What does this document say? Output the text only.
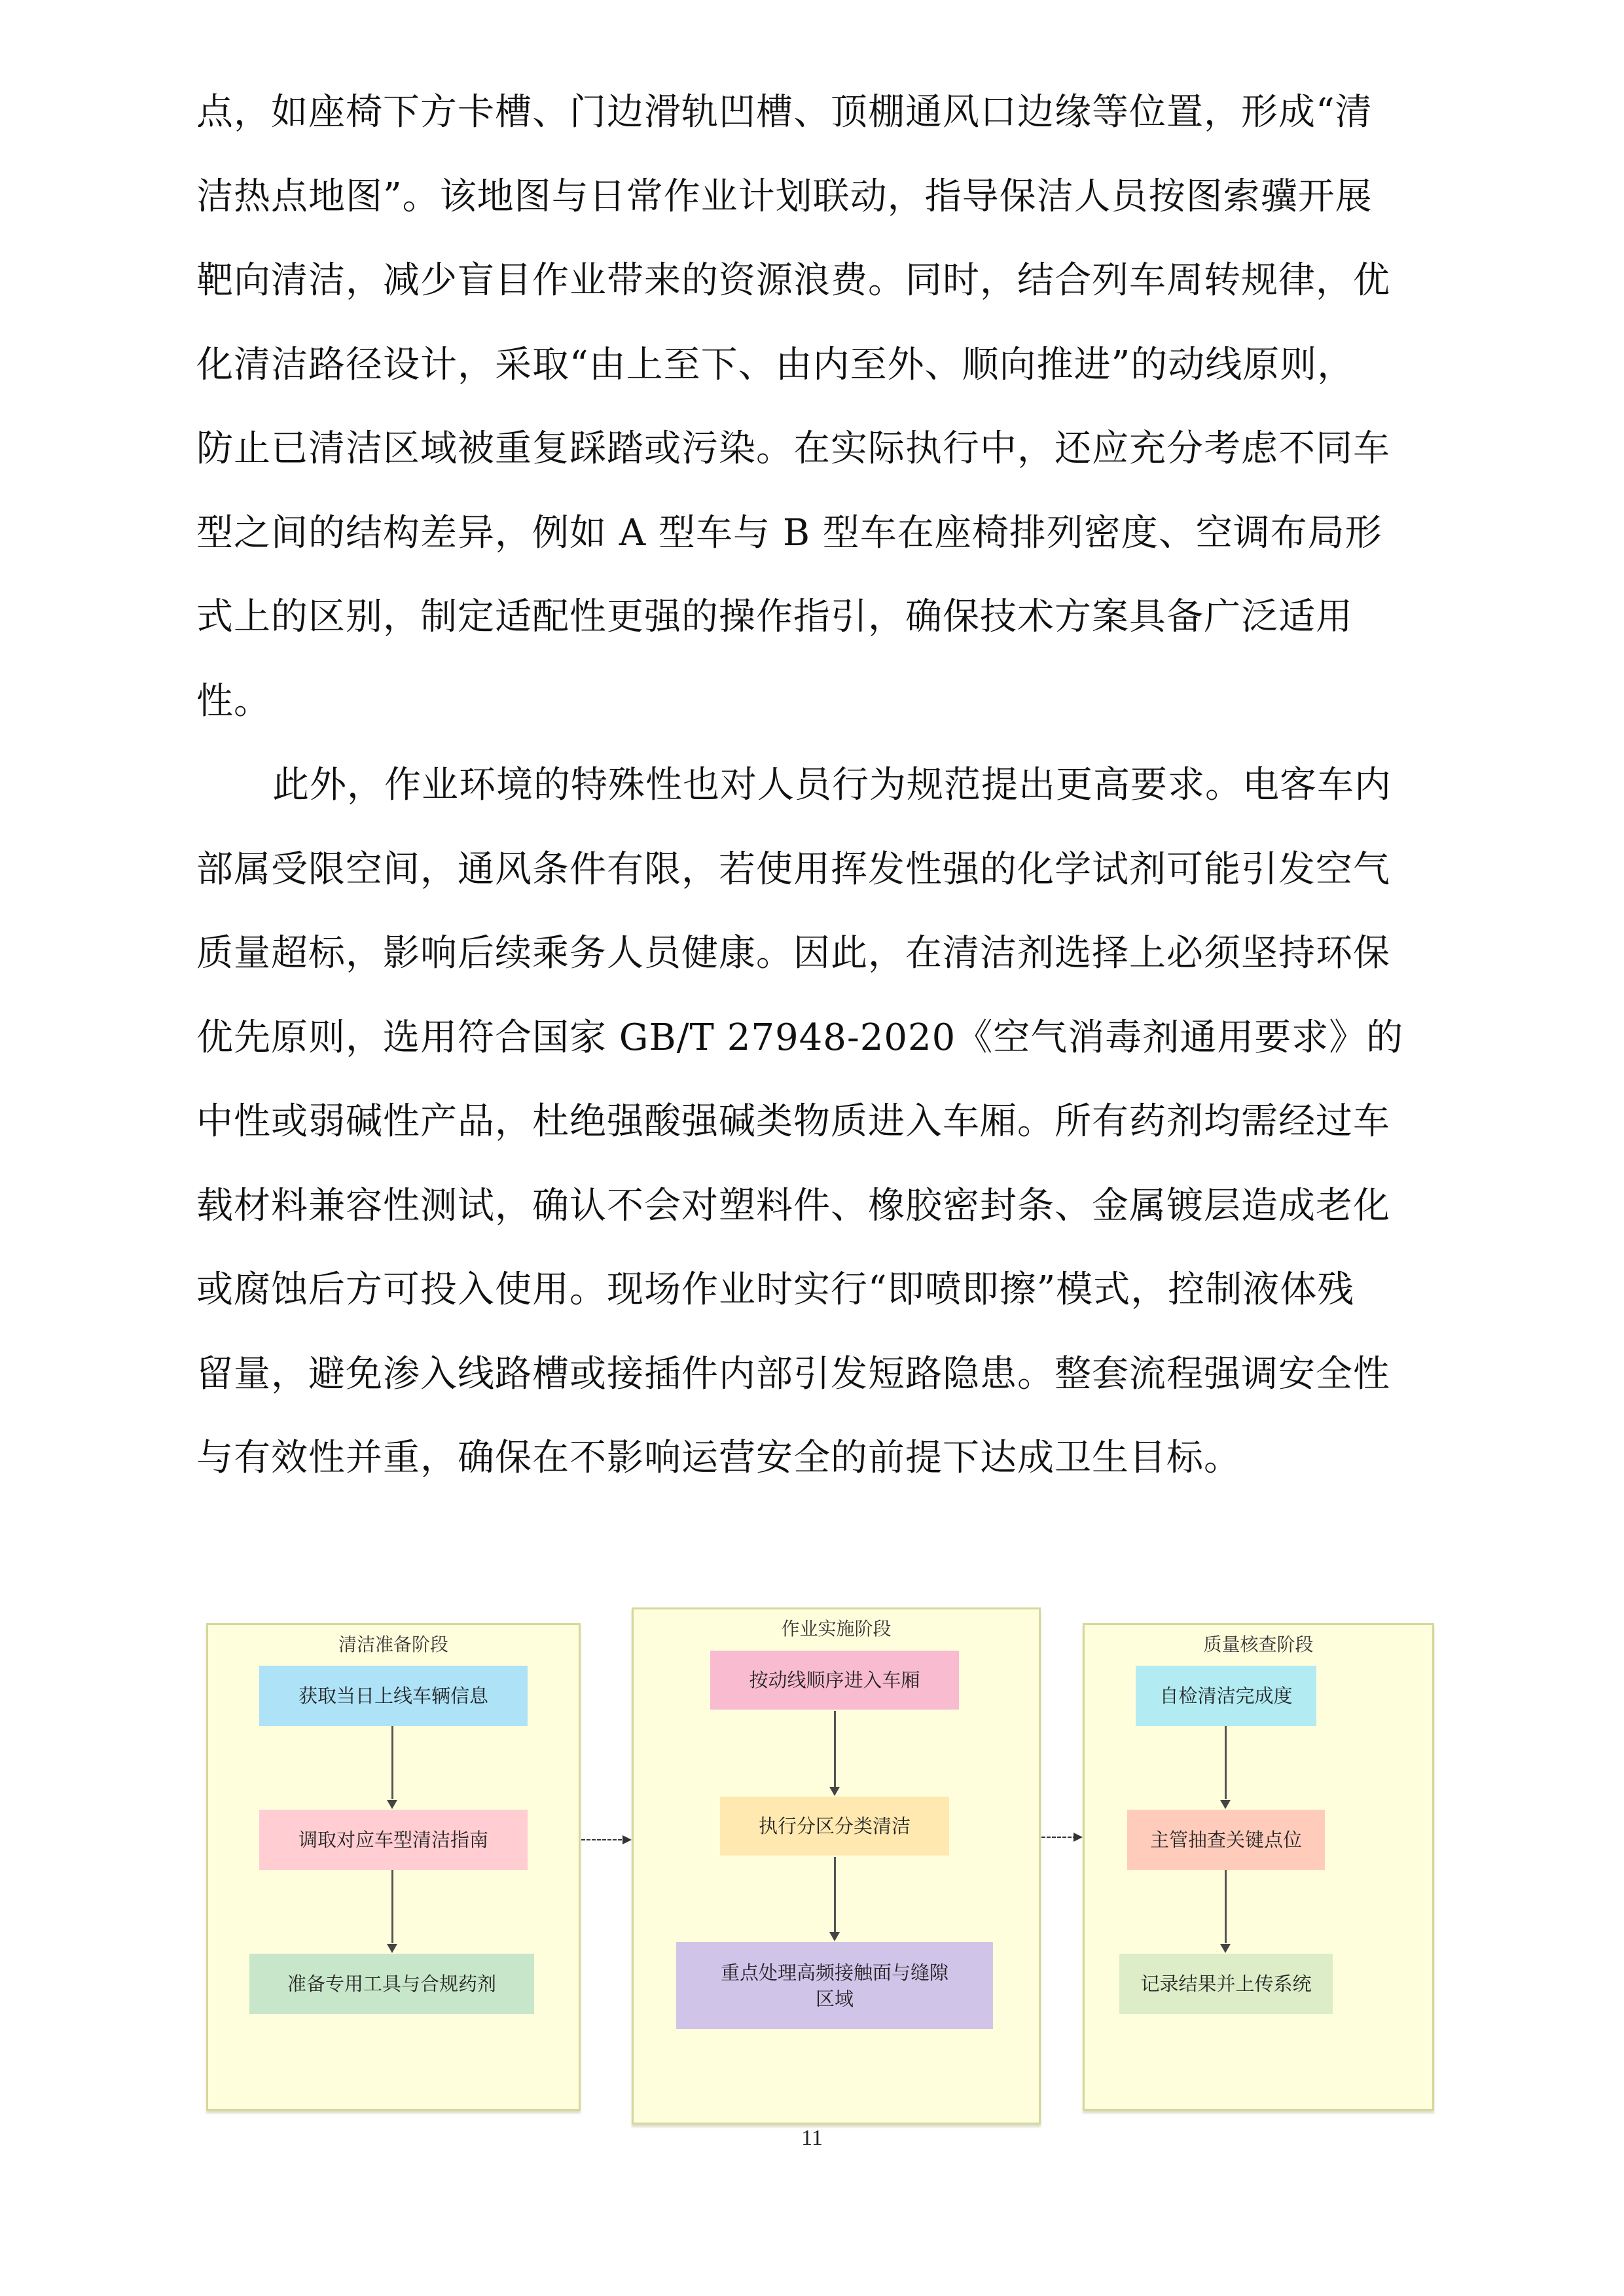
点，如座椅下方卡槽、门边滑轨凹槽、顶棚通风口边缘等位置，形成“清
洁热点地图”。该地图与日常作业计划联动，指导保洁人员按图索骥开展
靶向清洁，减少盲目作业带来的资源浪费。同时，结合列车周转规律，优
化清洁路径设计，采取“由上至下、由内至外、顺向推进”的动线原则，
防止已清洁区域被重复踩踏或污染。在实际执行中，还应充分考虑不同车
型之间的结构差异，例如 A 型车与 B 型车在座椅排列密度、空调布局形
式上的区别，制定适配性更强的操作指引，确保技术方案具备广泛适用
性。
此外，作业环境的特殊性也对人员行为规范提出更高要求。电客车内
部属受限空间，通风条件有限，若使用挥发性强的化学试剂可能引发空气
质量超标，影响后续乘务人员健康。因此，在清洁剂选择上必须坚持环保
优先原则，选用符合国家 GB/T 27948-2020《空气消毒剂通用要求》的
中性或弱碱性产品，杜绝强酸强碱类物质进入车厢。所有药剂均需经过车
载材料兼容性测试，确认不会对塑料件、橡胶密封条、金属镀层造成老化
或腐蚀后方可投入使用。现场作业时实行“即喷即擦”模式，控制液体残
留量，避免渗入线路槽或接插件内部引发短路隐患。整套流程强调安全性
与有效性并重，确保在不影响运营安全的前提下达成卫生目标。
清洁准备阶段
获取当日上线车辆信息
调取对应车型清洁指南
准备专用工具与合规药剂
作业实施阶段
按动线顺序进入车厢
执行分区分类清洁
重点处理高频接触面与缝隙区域
质量核查阶段
自检清洁完成度
主管抽查关键点位
记录结果并上传系统
11
